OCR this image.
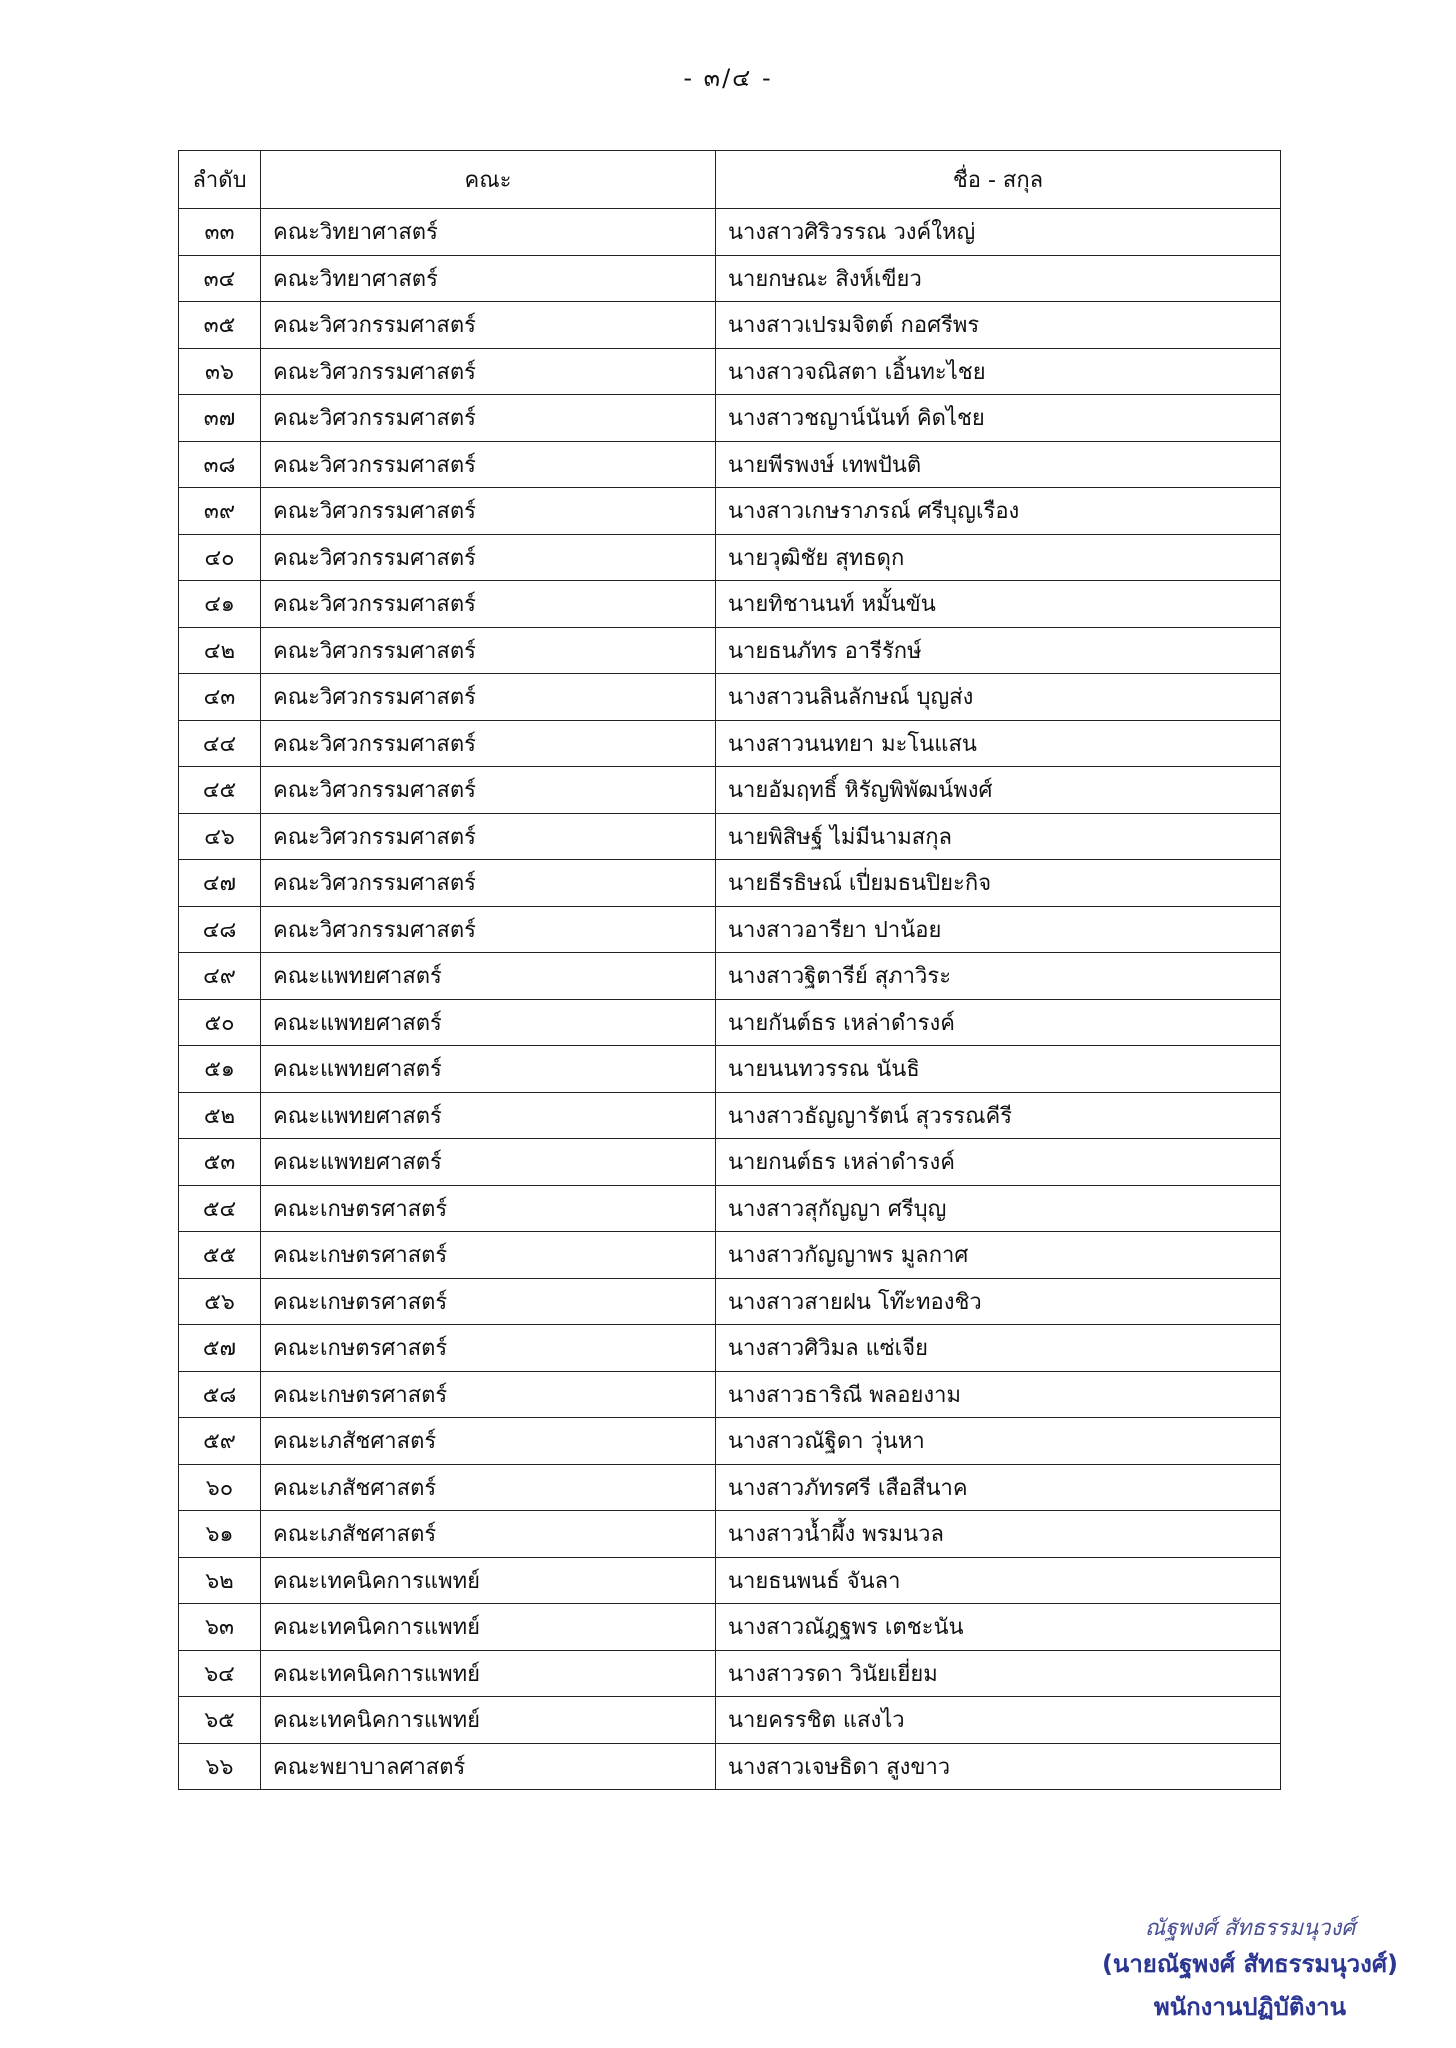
- ๓/๔ -
ลำดับ	คณะ	ชื่อ - สกุล
๓๓	คณะวิทยาศาสตร์	นางสาวศิริวรรณ วงค์ใหญ่
๓๔	คณะวิทยาศาสตร์	นายกษณะ สิงห์เขียว
๓๕	คณะวิศวกรรมศาสตร์	นางสาวเปรมจิตต์ กอศรีพร
๓๖	คณะวิศวกรรมศาสตร์	นางสาวจณิสตา เอิ้นทะไชย
๓๗	คณะวิศวกรรมศาสตร์	นางสาวชญาน์นันท์ คิดไชย
๓๘	คณะวิศวกรรมศาสตร์	นายพีรพงษ์ เทพปันติ
๓๙	คณะวิศวกรรมศาสตร์	นางสาวเกษราภรณ์ ศรีบุญเรือง
๔๐	คณะวิศวกรรมศาสตร์	นายวุฒิชัย สุทธดุก
๔๑	คณะวิศวกรรมศาสตร์	นายทิชานนท์ หมั้นขัน
๔๒	คณะวิศวกรรมศาสตร์	นายธนภัทร อารีรักษ์
๔๓	คณะวิศวกรรมศาสตร์	นางสาวนลินลักษณ์ บุญส่ง
๔๔	คณะวิศวกรรมศาสตร์	นางสาวนนทยา มะโนแสน
๔๕	คณะวิศวกรรมศาสตร์	นายอัมฤทธิ์ หิรัญพิพัฒน์พงศ์
๔๖	คณะวิศวกรรมศาสตร์	นายพิสิษฐ์ ไม่มีนามสกุล
๔๗	คณะวิศวกรรมศาสตร์	นายธีรธิษณ์ เปี่ยมธนปิยะกิจ
๔๘	คณะวิศวกรรมศาสตร์	นางสาวอารียา ปาน้อย
๔๙	คณะแพทยศาสตร์	นางสาวฐิตารีย์ สุภาวิระ
๕๐	คณะแพทยศาสตร์	นายกันต์ธร เหล่าดำรงค์
๕๑	คณะแพทยศาสตร์	นายนนทวรรณ นันธิ
๕๒	คณะแพทยศาสตร์	นางสาวธัญญารัตน์ สุวรรณคีรี
๕๓	คณะแพทยศาสตร์	นายกนต์ธร เหล่าดำรงค์
๕๔	คณะเกษตรศาสตร์	นางสาวสุกัญญา ศรีบุญ
๕๕	คณะเกษตรศาสตร์	นางสาวกัญญาพร มูลกาศ
๕๖	คณะเกษตรศาสตร์	นางสาวสายฝน โท๊ะทองชิว
๕๗	คณะเกษตรศาสตร์	นางสาวศิวิมล แซ่เจีย
๕๘	คณะเกษตรศาสตร์	นางสาวธาริณี พลอยงาม
๕๙	คณะเภสัชศาสตร์	นางสาวณัฐิดา วุ่นหา
๖๐	คณะเภสัชศาสตร์	นางสาวภัทรศรี เสือสีนาค
๖๑	คณะเภสัชศาสตร์	นางสาวน้ำผึ้ง พรมนวล
๖๒	คณะเทคนิคการแพทย์	นายธนพนธ์ จันลา
๖๓	คณะเทคนิคการแพทย์	นางสาวณัฎฐพร เตชะนัน
๖๔	คณะเทคนิคการแพทย์	นางสาวรดา วินัยเยี่ยม
๖๕	คณะเทคนิคการแพทย์	นายครรชิต แสงไว
๖๖	คณะพยาบาลศาสตร์	นางสาวเจษธิดา สูงขาว
ณัฐพงศ์ สัทธรรมนุวงศ์
(นายณัฐพงศ์ สัทธรรมนุวงศ์)
พนักงานปฏิบัติงาน
